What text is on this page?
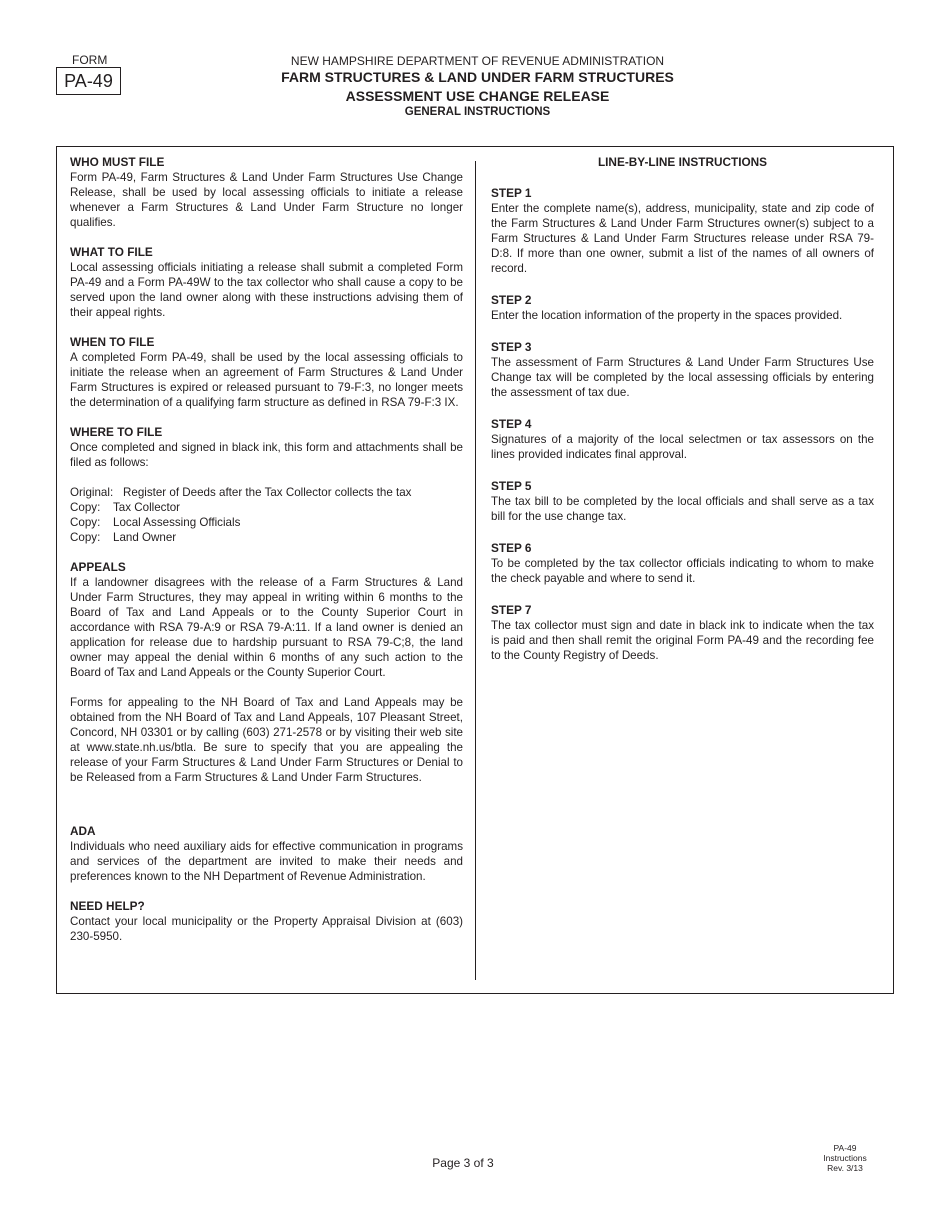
FORM
PA-49
NEW HAMPSHIRE DEPARTMENT OF REVENUE ADMINISTRATION
FARM STRUCTURES & LAND UNDER FARM STRUCTURES
ASSESSMENT USE CHANGE RELEASE
GENERAL INSTRUCTIONS
WHO MUST FILE

Form PA-49, Farm Structures & Land Under Farm Structures Use Change Release, shall be used by local assessing officials to initiate a release whenever a Farm Structures & Land Under Farm Structure no longer qualifies.

WHAT TO FILE

Local assessing officials initiating a release shall submit a completed Form PA-49 and a Form PA-49W to the tax collector who shall cause a copy to be served upon the land owner along with these instructions advising them of their appeal rights.

WHEN TO FILE

A completed Form PA-49, shall be used by the local assessing officials to initiate the release when an agreement of Farm Structures & Land Under Farm Structures is expired or released pursuant to 79-F:3, no longer meets the determination of a qualifying farm structure as defined in RSA 79-F:3 IX.

WHERE TO FILE

Once completed and signed in black ink, this form and attachments shall be filed as follows:

Original: Register of Deeds after the Tax Collector collects the tax
Copy:	Tax Collector
Copy:	Local Assessing Officials
Copy:	Land Owner
APPEALS

If a landowner disagrees with the release of a Farm Structures & Land Under Farm Structures, they may appeal in writing within 6 months to the Board of Tax and Land Appeals or to the County Superior Court in accordance with RSA 79-A:9 or RSA 79-A:11. If a land owner is denied an application for release due to hardship pursuant to RSA 79-C;8, the land owner may appeal the denial within 6 months of any such action to the Board of Tax and Land Appeals or the County Superior Court.

Forms for appealing to the NH Board of Tax and Land Appeals may be obtained from the NH Board of Tax and Land Appeals, 107 Pleasant Street, Concord, NH 03301 or by calling (603) 271-2578 or by visiting their web site at www.state.nh.us/btla. Be sure to specify that you are appealing the release of your Farm Structures & Land Under Farm Structures or Denial to be Released from a Farm Structures & Land Under Farm Structures.

ADA

Individuals who need auxiliary aids for effective communication in programs and services of the department are invited to make their needs and preferences known to the NH Department of Revenue Administration.

NEED HELP?

Contact your local municipality or the Property Appraisal Division at (603) 230-5950.

LINE-BY-LINE INSTRUCTIONS
STEP 1

Enter the complete name(s), address, municipality, state and zip code of the Farm Structures & Land Under Farm Structures owner(s) subject to a Farm Structures & Land Under Farm Structures release under RSA 79-D:8. If more than one owner, submit a list of the names of all owners of record.

STEP 2

Enter the location information of the property in the spaces provided.

STEP 3

The assessment of Farm Structures & Land Under Farm Structures Use Change tax will be completed by the local assessing officials by entering the assessment of tax due.

STEP 4

Signatures of a majority of the local selectmen or tax assessors on the lines provided indicates final approval.

STEP 5

The tax bill to be completed by the local officials and shall serve as a tax bill for the use change tax.

STEP 6

To be completed by the tax collector officials indicating to whom to make the check payable and where to send it.

STEP 7

The tax collector must sign and date in black ink to indicate when the tax is paid and then shall remit the original Form PA-49 and the recording fee to the County Registry of Deeds.

Page 3 of 3
PA-49
Instructions
Rev. 3/13
